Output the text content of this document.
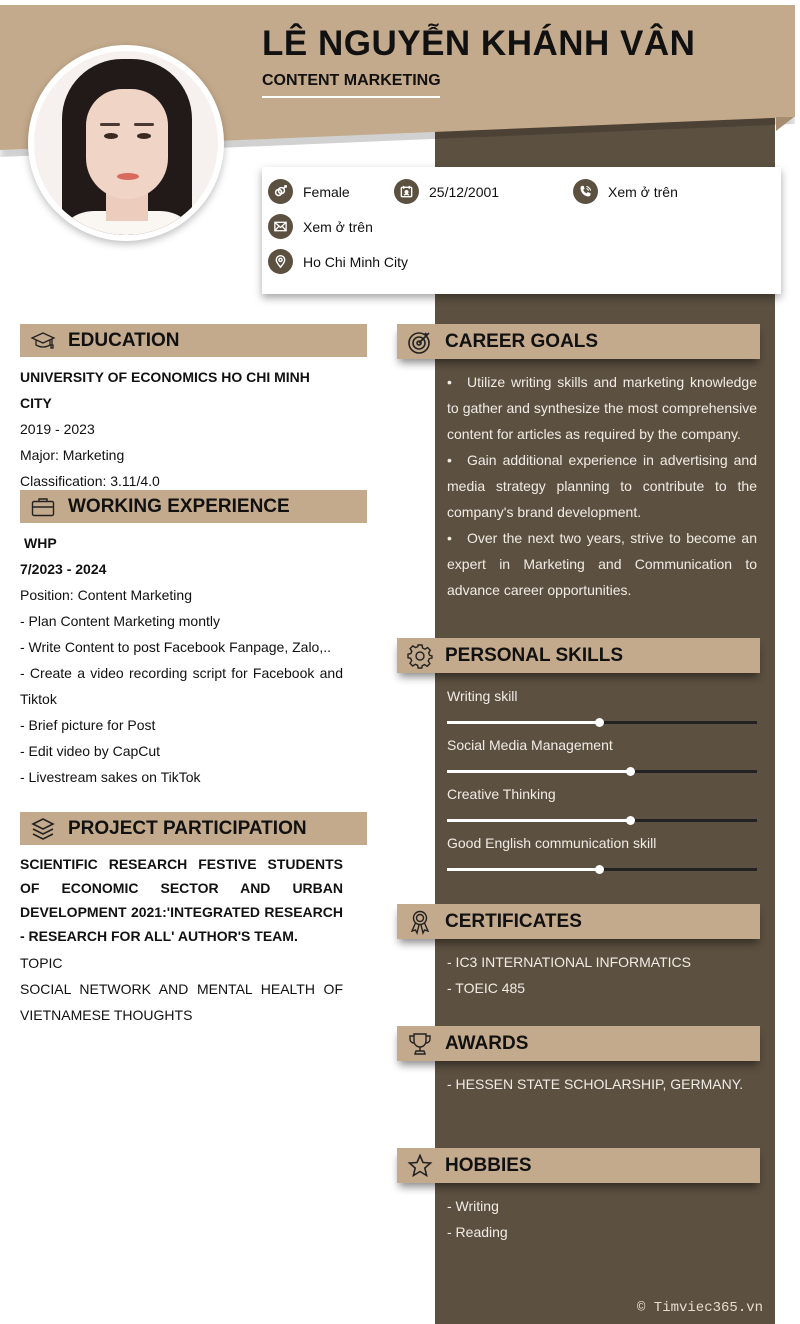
LÊ NGUYỄN KHÁNH VÂN
CONTENT MARKETING
Female	25/12/2001	Xem ở trên
Xem ở trên
Ho Chi Minh City
EDUCATION
UNIVERSITY OF ECONOMICS HO CHI MINH CITY
2019 - 2023
Major: Marketing
Classification: 3.11/4.0
WORKING EXPERIENCE
WHP
7/2023 - 2024
Position: Content Marketing
- Plan Content Marketing montly
- Write Content to post Facebook Fanpage, Zalo,..
- Create a video recording script for Facebook and Tiktok
- Brief picture for Post
- Edit video by CapCut
- Livestream sakes on TikTok
PROJECT PARTICIPATION
SCIENTIFIC RESEARCH FESTIVE STUDENTS OF ECONOMIC SECTOR AND URBAN DEVELOPMENT 2021:'INTEGRATED RESEARCH - RESEARCH FOR ALL' AUTHOR'S TEAM.
TOPIC
SOCIAL NETWORK AND MENTAL HEALTH OF VIETNAMESE THOUGHTS
CAREER GOALS
• Utilize writing skills and marketing knowledge to gather and synthesize the most comprehensive content for articles as required by the company.
• Gain additional experience in advertising and media strategy planning to contribute to the company's brand development.
• Over the next two years, strive to become an expert in Marketing and Communication to advance career opportunities.
PERSONAL SKILLS
Writing skill
Social Media Management
Creative Thinking
Good English communication skill
CERTIFICATES
- IC3 INTERNATIONAL INFORMATICS
- TOEIC 485
AWARDS
- HESSEN STATE SCHOLARSHIP, GERMANY.
HOBBIES
- Writing
- Reading
© Timviec365.vn
